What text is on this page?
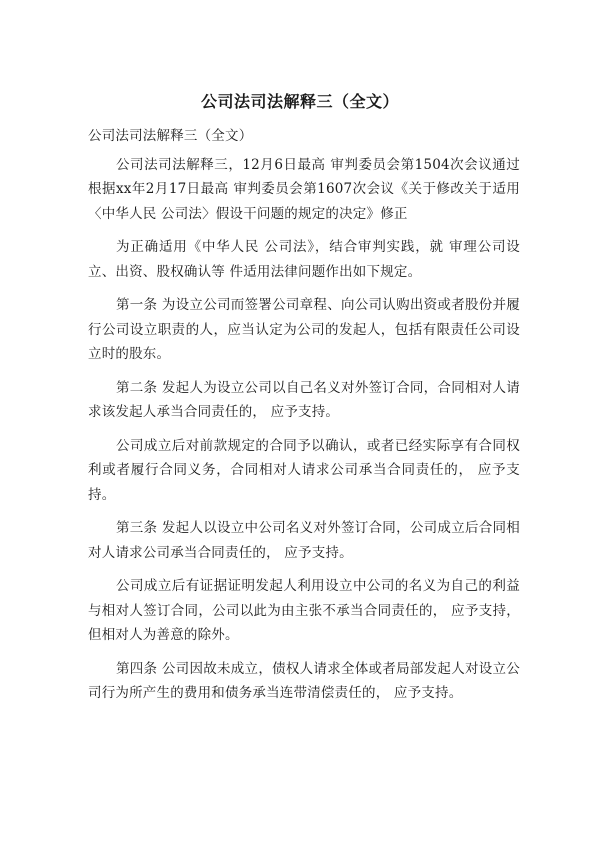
公司法司法解释三（全文）

公司法司法解释三（全文）

公司法司法解释三，12月6日最高 审判委员会第1504次会议通过 根据xx年2月17日最高 审判委员会第1607次会议《关于修改关于适用〈中华人民 公司法〉假设干问题的规定的决定》修正

为正确适用《中华人民 公司法》，结合审判实践，就 审理公司设立、出资、股权确认等 件适用法律问题作出如下规定。

第一条 为设立公司而签署公司章程、向公司认购出资或者股份并履行公司设立职责的人，应当认定为公司的发起人，包括有限责任公司设立时的股东。

第二条 发起人为设立公司以自己名义对外签订合同，合同相对人请求该发起人承当合同责任的， 应予支持。

公司成立后对前款规定的合同予以确认，或者已经实际享有合同权利或者履行合同义务，合同相对人请求公司承当合同责任的， 应予支持。

第三条 发起人以设立中公司名义对外签订合同，公司成立后合同相对人请求公司承当合同责任的， 应予支持。

公司成立后有证据证明发起人利用设立中公司的名义为自己的利益与相对人签订合同，公司以此为由主张不承当合同责任的， 应予支持，但相对人为善意的除外。

第四条 公司因故未成立，债权人请求全体或者局部发起人对设立公司行为所产生的费用和债务承当连带清偿责任的， 应予支持。
